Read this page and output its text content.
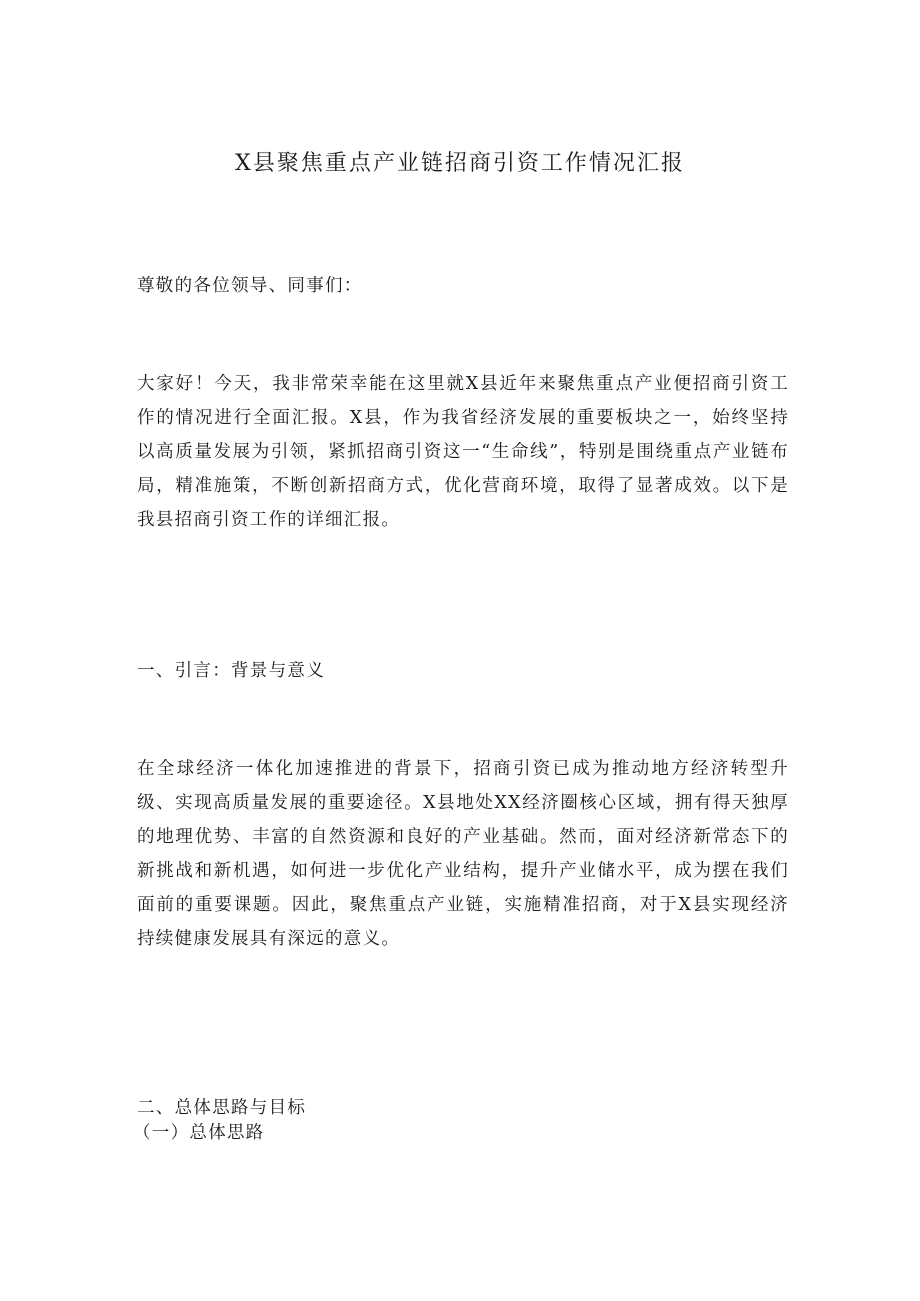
X县聚焦重点产业链招商引资工作情况汇报

尊敬的各位领导、同事们：

大家好！今天，我非常荣幸能在这里就X县近年来聚焦重点产业便招商引资工作的情况进行全面汇报。X县，作为我省经济发展的重要板块之一，始终坚持以高质量发展为引领，紧抓招商引资这一“生命线”，特别是围绕重点产业链布局，精准施策，不断创新招商方式，优化营商环境，取得了显著成效。以下是我县招商引资工作的详细汇报。

一、引言：背景与意义

在全球经济一体化加速推进的背景下，招商引资已成为推动地方经济转型升级、实现高质量发展的重要途径。X县地处XX经济圈核心区域，拥有得天独厚的地理优势、丰富的自然资源和良好的产业基础。然而，面对经济新常态下的新挑战和新机遇，如何进一步优化产业结构，提升产业储水平，成为摆在我们面前的重要课题。因此，聚焦重点产业链，实施精准招商，对于X县实现经济持续健康发展具有深远的意义。

二、总体思路与目标

（一）总体思路
